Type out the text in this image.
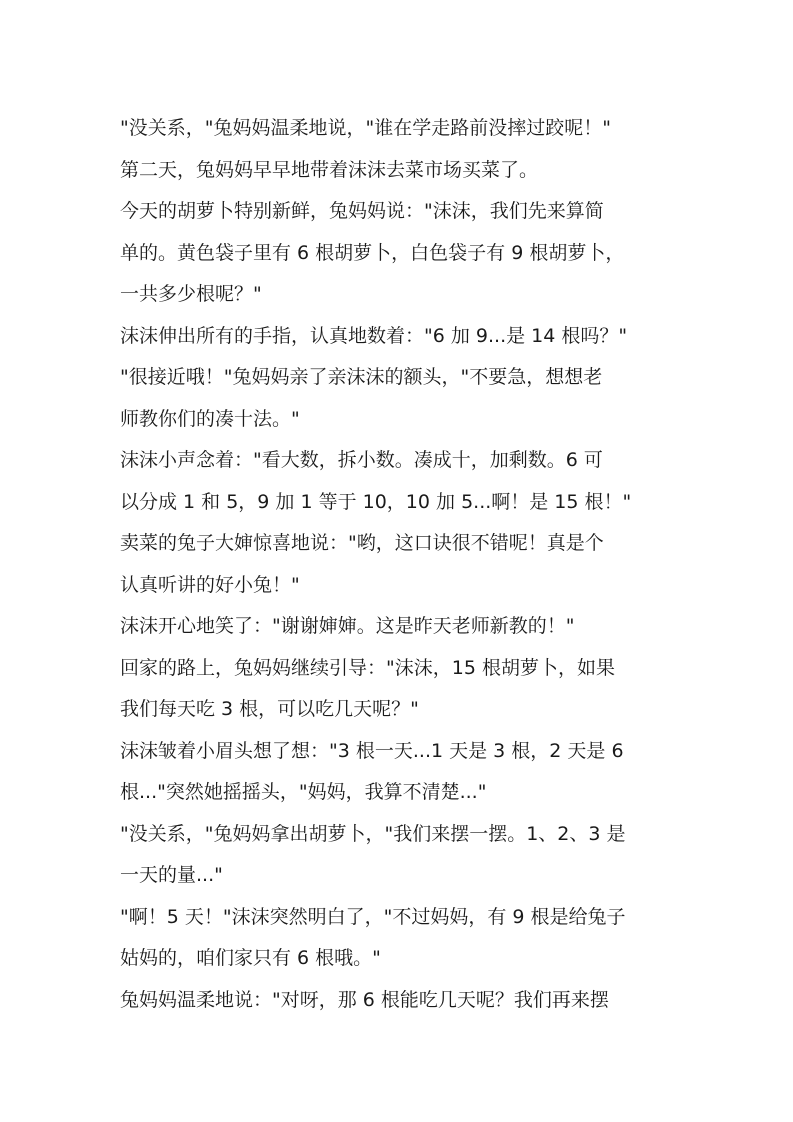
"没关系，"兔妈妈温柔地说，"谁在学走路前没摔过跤呢！"
第二天，兔妈妈早早地带着沫沫去菜市场买菜了。
今天的胡萝卜特别新鲜，兔妈妈说："沫沫，我们先来算简
单的。黄色袋子里有 6 根胡萝卜，白色袋子有 9 根胡萝卜，
一共多少根呢？"
沫沫伸出所有的手指，认真地数着："6 加 9...是 14 根吗？"
"很接近哦！"兔妈妈亲了亲沫沫的额头，"不要急，想想老
师教你们的凑十法。"
沫沫小声念着："看大数，拆小数。凑成十，加剩数。6 可
以分成 1 和 5，9 加 1 等于 10，10 加 5...啊！是 15 根！"
卖菜的兔子大婶惊喜地说："哟，这口诀很不错呢！真是个
认真听讲的好小兔！"
沫沫开心地笑了："谢谢婶婶。这是昨天老师新教的！"
回家的路上，兔妈妈继续引导："沫沫，15 根胡萝卜，如果
我们每天吃 3 根，可以吃几天呢？"
沫沫皱着小眉头想了想："3 根一天...1 天是 3 根，2 天是 6
根..."突然她摇摇头，"妈妈，我算不清楚..."
"没关系，"兔妈妈拿出胡萝卜，"我们来摆一摆。1、2、3 是
一天的量..."
"啊！5 天！"沫沫突然明白了，"不过妈妈，有 9 根是给兔子
姑妈的，咱们家只有 6 根哦。"
兔妈妈温柔地说："对呀，那 6 根能吃几天呢？我们再来摆
